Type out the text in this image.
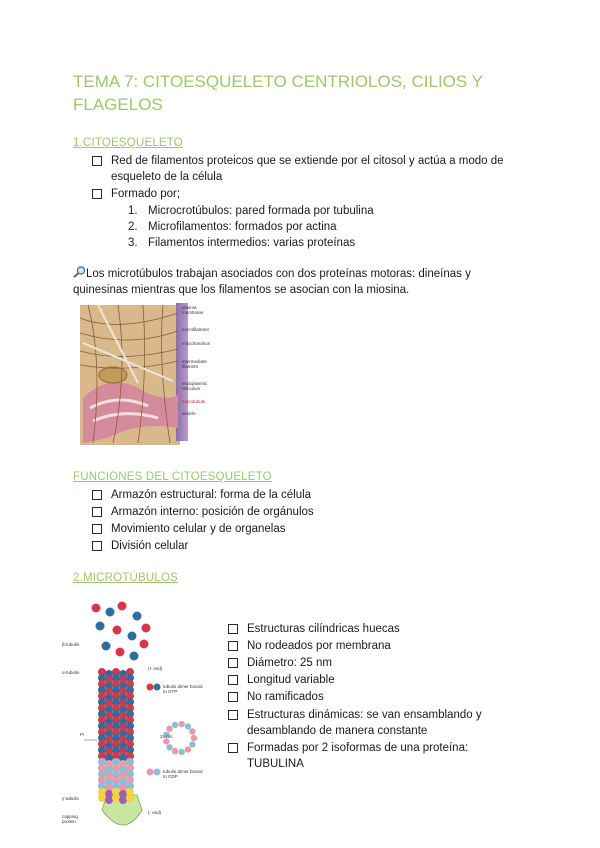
TEMA 7: CITOESQUELETO CENTRIOLOS, CILIOS Y FLAGELOS
1.CITOESQUELETO
Red de filamentos proteicos que se extiende por el citosol y actúa a modo de esqueleto de la célula
Formado por;
1. Microcrotúbulos: pared formada por tubulina
2. Microfilamentos: formados por actina
3. Filamentos intermedios: varias proteínas
Los microtúbulos trabajan asociados con dos proteínas motoras: dineínas y quinesinas mientras que los filamentos se asocian con la miosina.
plasma membrane
microfilament
mitochondrion
intermediate filament
endoplasmic reticulum
microtubule
vesicle
FUNCIONES DEL CITOESQUELETO
Armazón estructural: forma de la célula
Armazón interno: posición de orgánulos
Movimiento celular y de organelas
División celular
2.MICROTÚBULOS
β-tubulin
α-tubulin
(+ end)
tubulin dimer bound to GTP
24 nm
Pi
tubulin dimer bound to GDP
γ-tubulin
capping protein
(- end)
Estructuras cilíndricas huecas
No rodeados por membrana
Diámetro: 25 nm
Longitud variable
No ramificados
Estructuras dinámicas: se van ensamblando y desamblando de manera constante
Formadas por 2 isoformas de una proteína: TUBULINA
